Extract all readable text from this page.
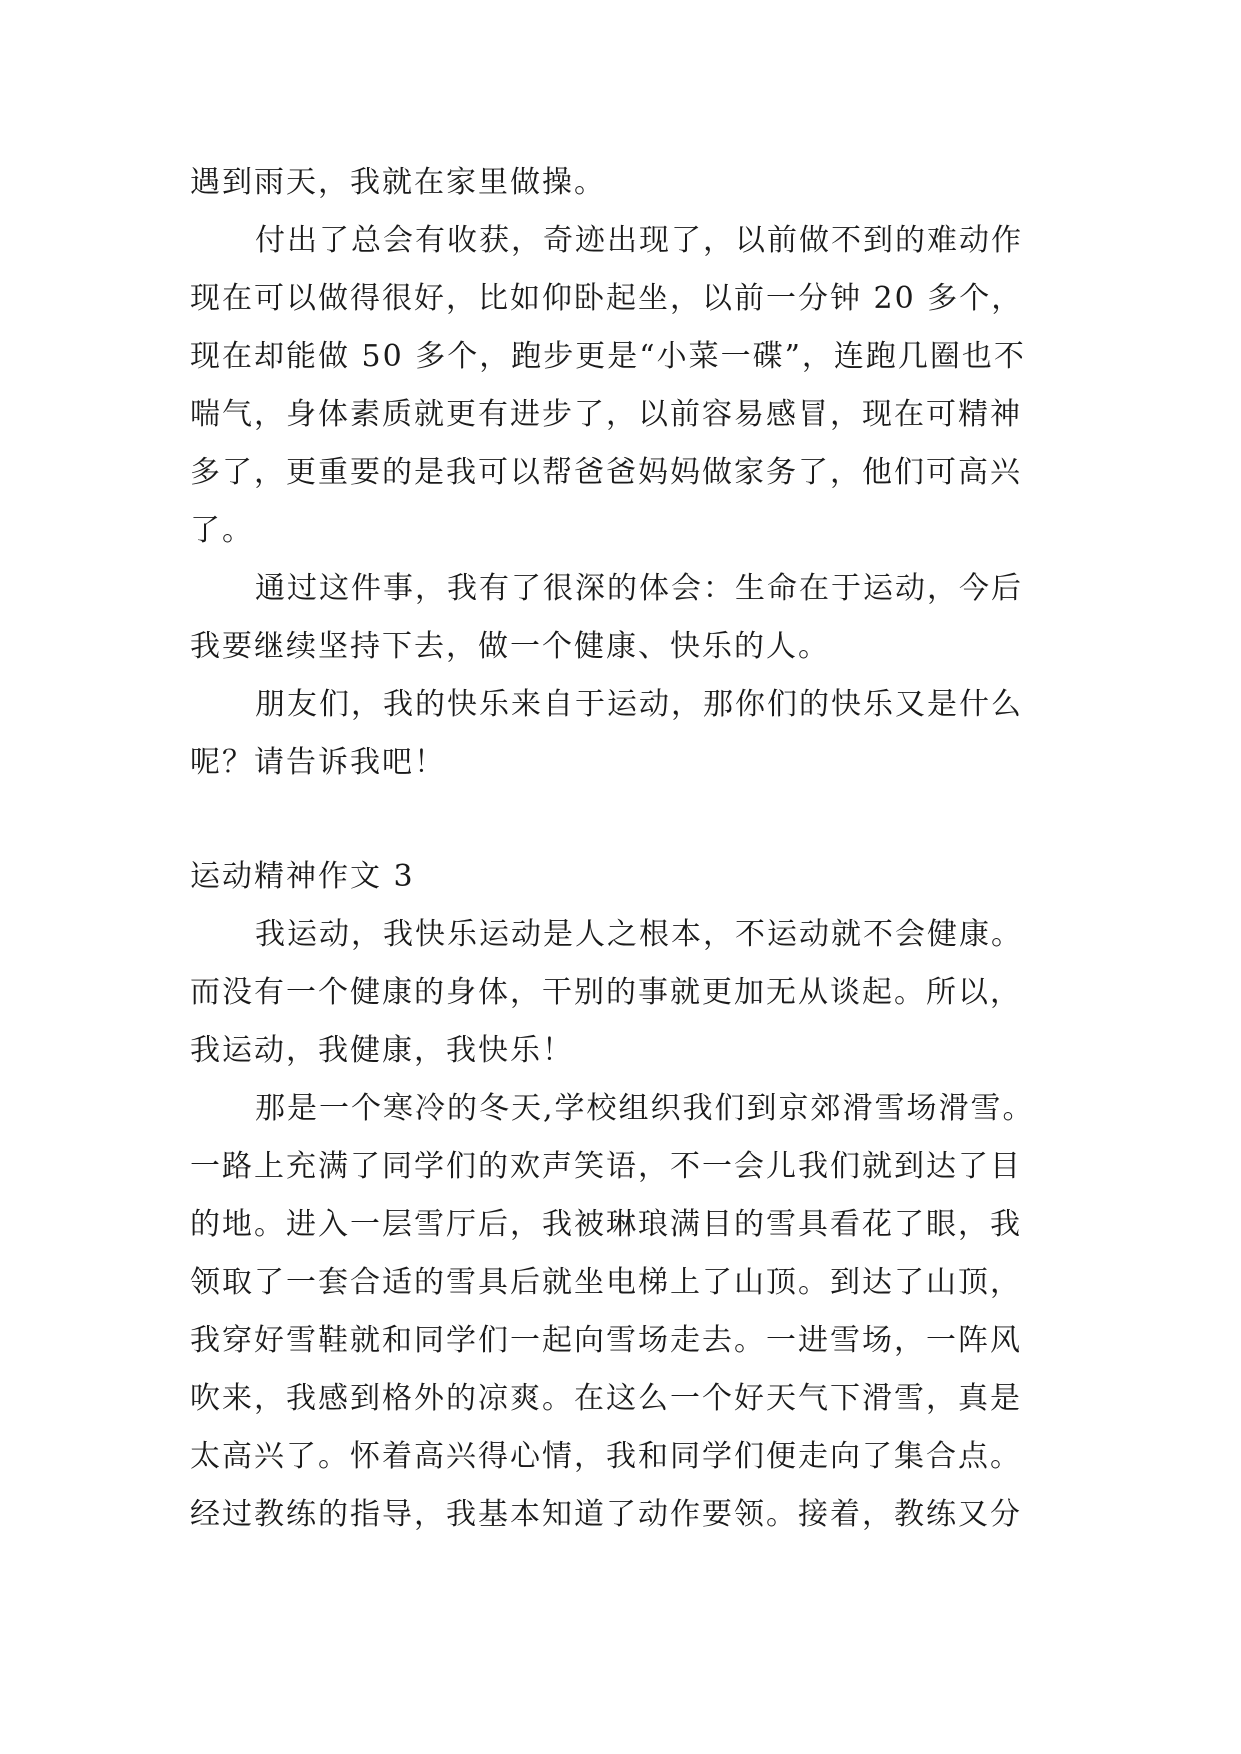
遇到雨天，我就在家里做操。
付出了总会有收获，奇迹出现了，以前做不到的难动作
现在可以做得很好，比如仰卧起坐，以前一分钟 20 多个，
现在却能做 50 多个，跑步更是“小菜一碟”，连跑几圈也不
喘气，身体素质就更有进步了，以前容易感冒，现在可精神
多了，更重要的是我可以帮爸爸妈妈做家务了，他们可高兴
了。
通过这件事，我有了很深的体会：生命在于运动，今后
我要继续坚持下去，做一个健康、快乐的人。
朋友们，我的快乐来自于运动，那你们的快乐又是什么
呢？请告诉我吧！
运动精神作文 3
我运动，我快乐运动是人之根本，不运动就不会健康。
而没有一个健康的身体，干别的事就更加无从谈起。所以，
我运动，我健康，我快乐！
那是一个寒冷的冬天,学校组织我们到京郊滑雪场滑雪。
一路上充满了同学们的欢声笑语，不一会儿我们就到达了目
的地。进入一层雪厅后，我被琳琅满目的雪具看花了眼，我
领取了一套合适的雪具后就坐电梯上了山顶。到达了山顶，
我穿好雪鞋就和同学们一起向雪场走去。一进雪场，一阵风
吹来，我感到格外的凉爽。在这么一个好天气下滑雪，真是
太高兴了。怀着高兴得心情，我和同学们便走向了集合点。
经过教练的指导，我基本知道了动作要领。接着，教练又分
